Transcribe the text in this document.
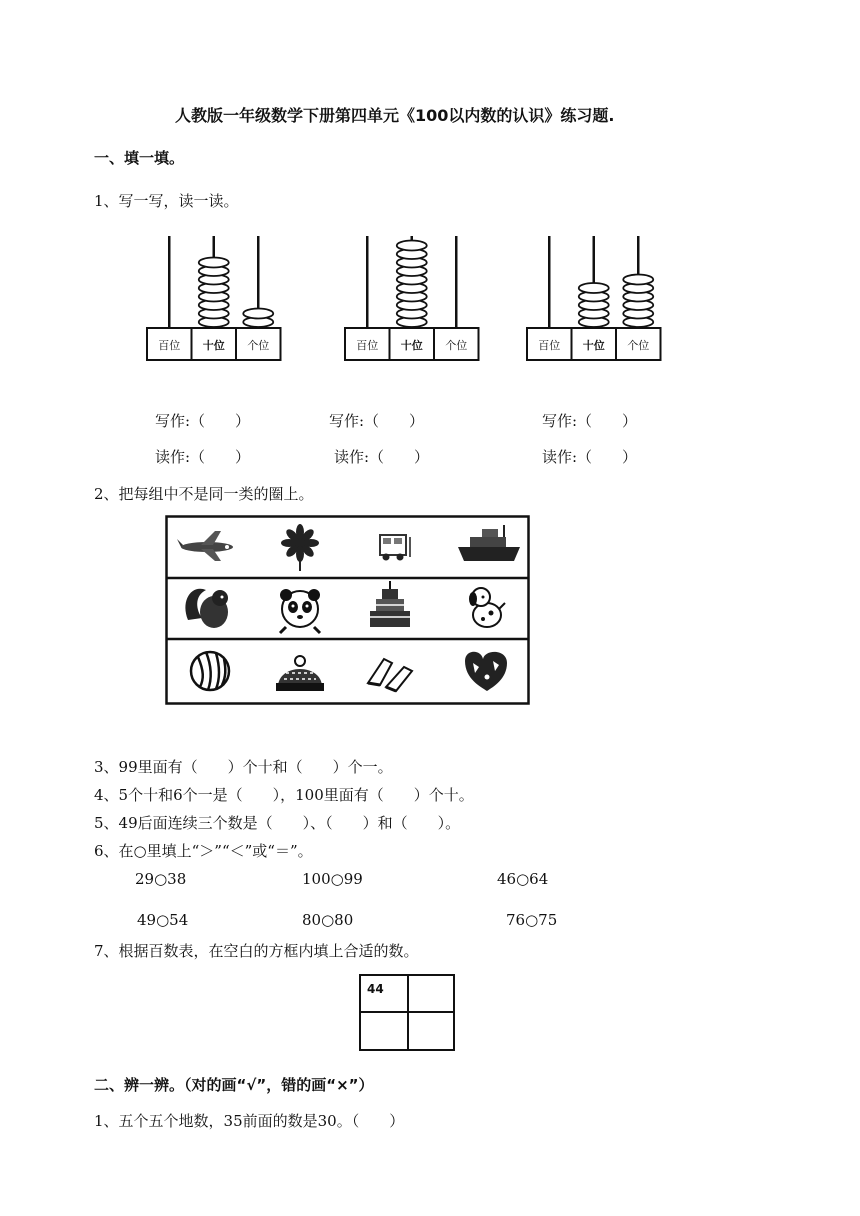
人教版一年级数学下册第四单元《100以内数的认识》练习题.
一、填一填。
1、写一写，读一读。
百位 十位 个位	百位 十位 个位	百位 十位 个位
写作:（　　）	写作:（　　）	写作:（　　）
读作:（　　）	读作:（　　）	读作:（　　）
2、把每组中不是同一类的圈上。
3、99里面有（　　）个十和（　　）个一。
4、5个十和6个一是（　　），100里面有（　　）个十。
5、49后面连续三个数是（　　）、（　　）和（　　）。
6、在○里填上“＞”“＜”或“＝”。
29○38	100○99	46○64
49○54	80○80	76○75
7、根据百数表，在空白的方框内填上合适的数。
44
二、辨一辨。（对的画“√”，错的画“×”）
1、五个五个地数，35前面的数是30。（　　）
